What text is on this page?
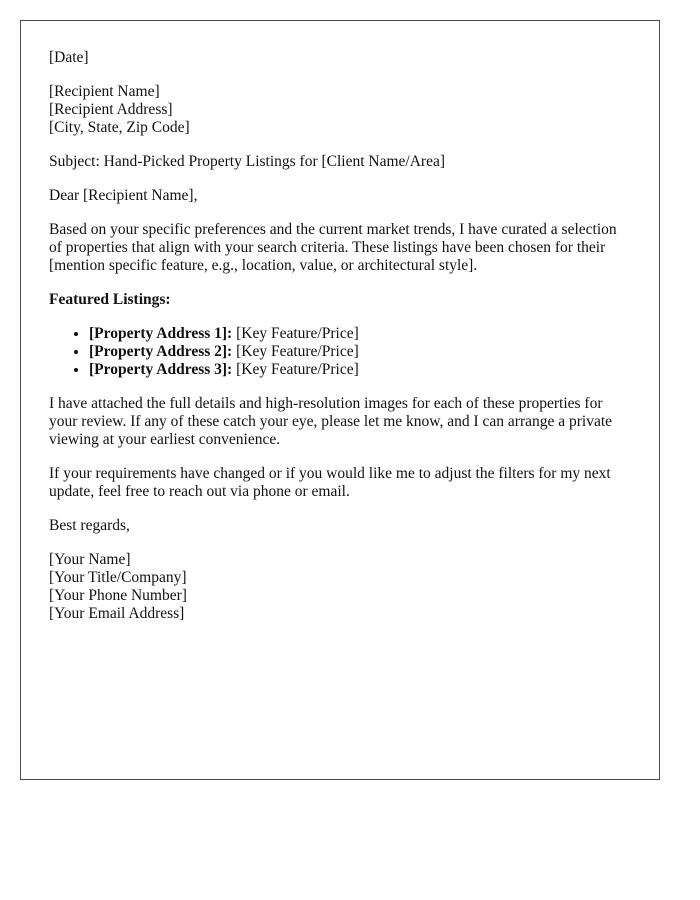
[Date]

[Recipient Name]
[Recipient Address]
[City, State, Zip Code]

Subject: Hand-Picked Property Listings for [Client Name/Area]

Dear [Recipient Name],

Based on your specific preferences and the current market trends, I have curated a selection of properties that align with your search criteria. These listings have been chosen for their [mention specific feature, e.g., location, value, or architectural style].

Featured Listings:

• [Property Address 1]: [Key Feature/Price]
• [Property Address 2]: [Key Feature/Price]
• [Property Address 3]: [Key Feature/Price]

I have attached the full details and high-resolution images for each of these properties for your review. If any of these catch your eye, please let me know, and I can arrange a private viewing at your earliest convenience.

If your requirements have changed or if you would like me to adjust the filters for my next update, feel free to reach out via phone or email.

Best regards,

[Your Name]
[Your Title/Company]
[Your Phone Number]
[Your Email Address]
